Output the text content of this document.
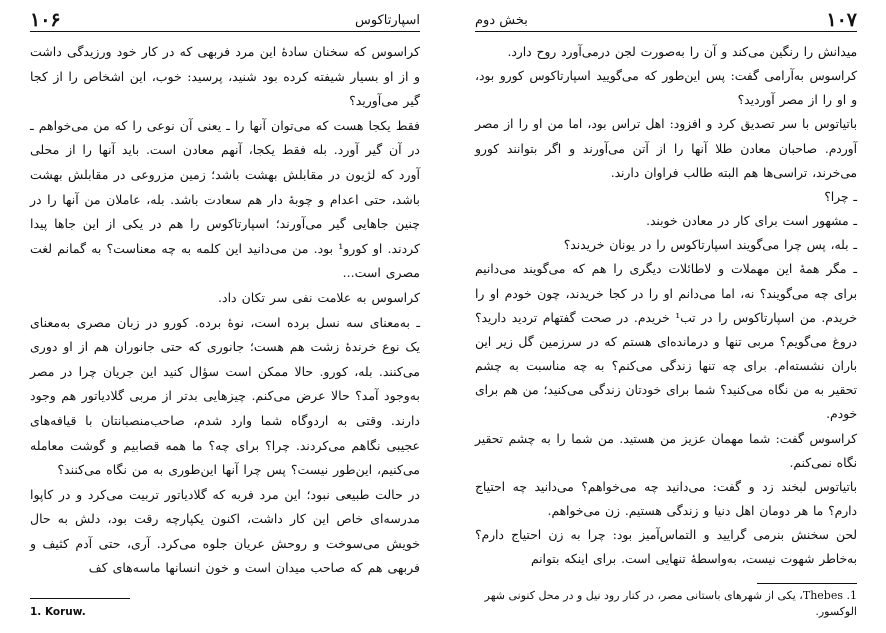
اسپارتاکوس
۱۰۶

کراسوس که سخنان سادهٔ این مرد فربهی که در کار خود ورزیدگی داشت و از او بسیار شیفته کرده بود شنید، پرسید: خوب، این اشخاص را از کجا گیر می‌آورید؟

فقط یکجا هست که می‌توان آنها را ـ یعنی آن نوعی را که من می‌خواهم ـ در آن گیر آورد. بله فقط یکجا، آنهم معادن است. باید آنها را از محلی آورد که لژیون در مقابلش بهشت باشد؛ زمین مزروعی در مقابلش بهشت باشد، حتی اعدام و چوبهٔ دار هم سعادت باشد. بله، عاملان من آنها را در چنین جاهایی گیر می‌آورند؛ اسپارتاکوس را هم در یکی از این جاها پیدا کردند. او کورو¹ بود. من می‌دانید این کلمه به چه معناست؟ به گمانم لغت مصری است...

کراسوس به علامت نفی سر تکان داد.

ـ به‌معنای سه نسل برده است، نوهٔ برده. کورو در زبان مصری به‌معنای یک نوع خرندهٔ زشت هم هست؛ جانوری که حتی جانوران هم از او دوری می‌کنند. بله، کورو. حالا ممکن است سؤال کنید این جریان چرا در مصر به‌وجود آمد؟ حالا عرض می‌کنم. چیزهایی بدتر از مربی گلادیاتور هم وجود دارند. وقتی به اردوگاه شما وارد شدم، صاحب‌منصبانتان با قیافه‌های عجیبی نگاهم می‌کردند. چرا؟ برای چه؟ ما همه قصابیم و گوشت معامله می‌کنیم، این‌طور نیست؟ پس چرا آنها این‌طوری به من نگاه می‌کنند؟

در حالت طبیعی نبود؛ این مرد فربه که گلادیاتور تربیت می‌کرد و در کاپوا مدرسه‌ای خاص این کار داشت، اکنون یکپارچه رقت بود، دلش به حال خویش می‌سوخت و روحش عریان جلوه می‌کرد. آری، حتی آدم کثیف و فربهی هم که صاحب میدان است و خون انسانها ماسه‌های کف

1. Koruw.
۱۰۷
بخش دوم

میدانش را رنگین می‌کند و آن را به‌صورت لجن درمی‌آورد روح دارد.

کراسوس به‌آرامی گفت: پس این‌طور که می‌گویید اسپارتاکوس کورو بود، و او را از مصر آوردید؟

باتیاتوس با سر تصدیق کرد و افزود: اهل تراس بود، اما من او را از مصر آوردم. صاحبان معادن طلا آنها را از آتن می‌آورند و اگر بتوانند کورو می‌خرند، تراسی‌ها هم البته طالب فراوان دارند.

ـ چرا؟

ـ مشهور است برای کار در معادن خوبند.

ـ بله، پس چرا می‌گویند اسپارتاکوس را در یونان خریدند؟

ـ مگر همهٔ این مهملات و لاطائلات دیگری را هم که می‌گویند می‌دانیم برای چه می‌گویند؟ نه، اما می‌دانم او را در کجا خریدند، چون خودم او را خریدم. من اسپارتاکوس را در تب¹ خریدم. در صحت گفتهام تردید دارید؟ دروغ می‌گویم؟ مربی تنها و درمانده‌ای هستم که در سرزمین گل زیر این باران نشسته‌ام. برای چه تنها زندگی می‌کنم؟ به چه مناسبت به چشم تحقیر به من نگاه می‌کنید؟ شما برای خودتان زندگی می‌کنید؛ من هم برای خودم.

کراسوس گفت: شما مهمان عزیز من هستید. من شما را به چشم تحقیر نگاه نمی‌کنم.

باتیاتوس لبخند زد و گفت: می‌دانید چه می‌خواهم؟ می‌دانید چه احتیاج دارم؟ ما هر دومان اهل دنیا و زندگی هستیم. زن می‌خواهم.

لحن سخنش بنرمی گرایید و التماس‌آمیز بود: چرا به زن احتیاج دارم؟ به‌خاطر شهوت نیست، به‌واسطهٔ تنهایی است. برای اینکه بتوانم

1. Thebes، یکی از شهرهای باستانی مصر، در کنار رود نیل و در محل کنونی شهر الوکسور.
